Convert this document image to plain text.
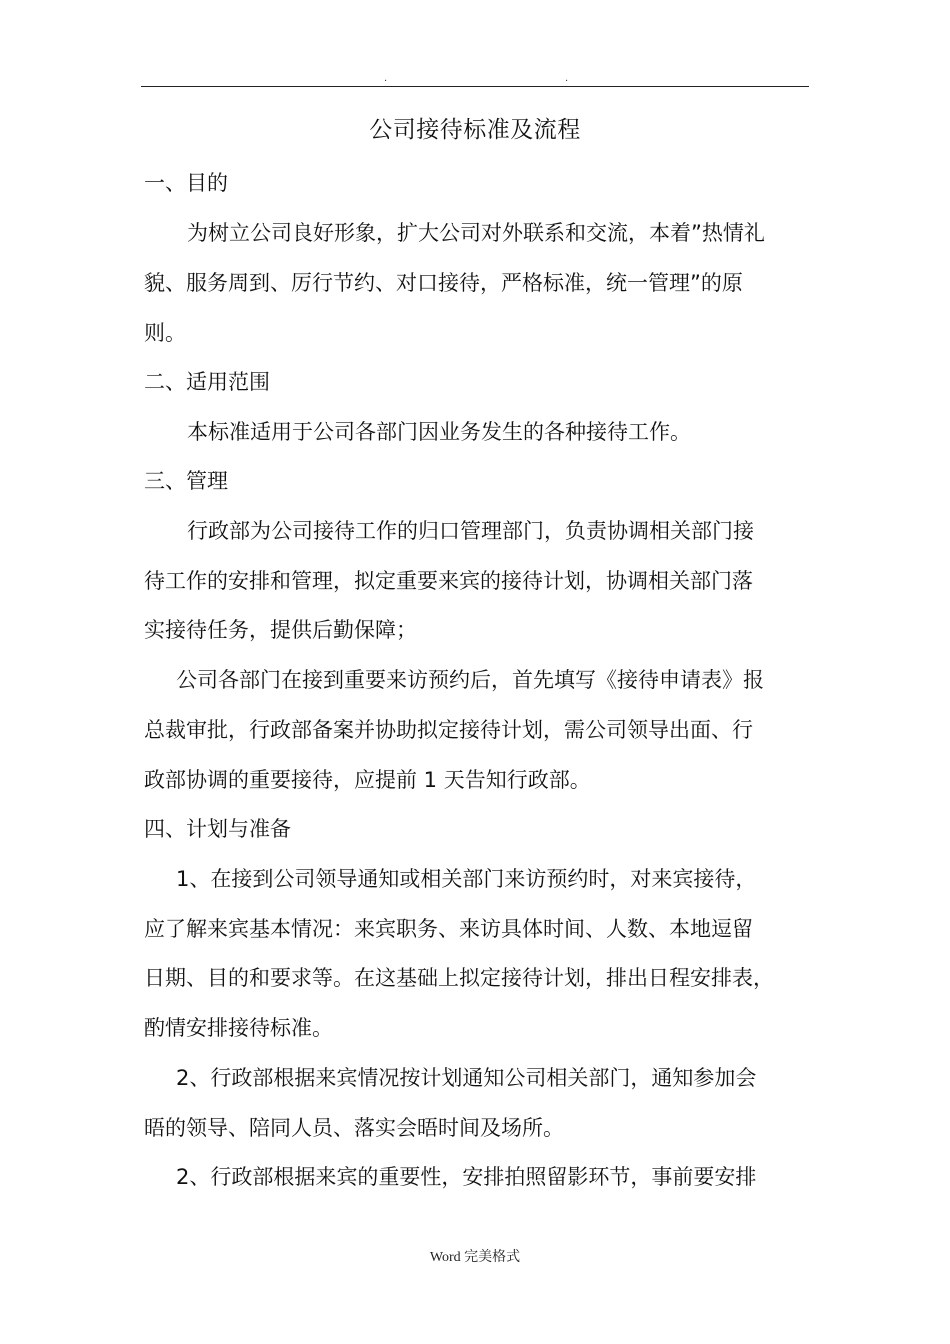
.	.
公司接待标准及流程
一、目的
为树立公司良好形象，扩大公司对外联系和交流，本着”热情礼
貌、服务周到、厉行节约、对口接待，严格标准，统一管理”的原
则。
二、适用范围
本标准适用于公司各部门因业务发生的各种接待工作。
三、管理
行政部为公司接待工作的归口管理部门，负责协调相关部门接
待工作的安排和管理，拟定重要来宾的接待计划，协调相关部门落
实接待任务，提供后勤保障；
公司各部门在接到重要来访预约后，首先填写《接待申请表》报
总裁审批，行政部备案并协助拟定接待计划，需公司领导出面、行
政部协调的重要接待，应提前 1 天告知行政部。
四、计划与准备
1、在接到公司领导通知或相关部门来访预约时，对来宾接待，
应了解来宾基本情况：来宾职务、来访具体时间、人数、本地逗留
日期、目的和要求等。在这基础上拟定接待计划，排出日程安排表，
酌情安排接待标准。
2、行政部根据来宾情况按计划通知公司相关部门，通知参加会
晤的领导、陪同人员、落实会晤时间及场所。
2、行政部根据来宾的重要性，安排拍照留影环节，事前要安排
Word 完美格式
